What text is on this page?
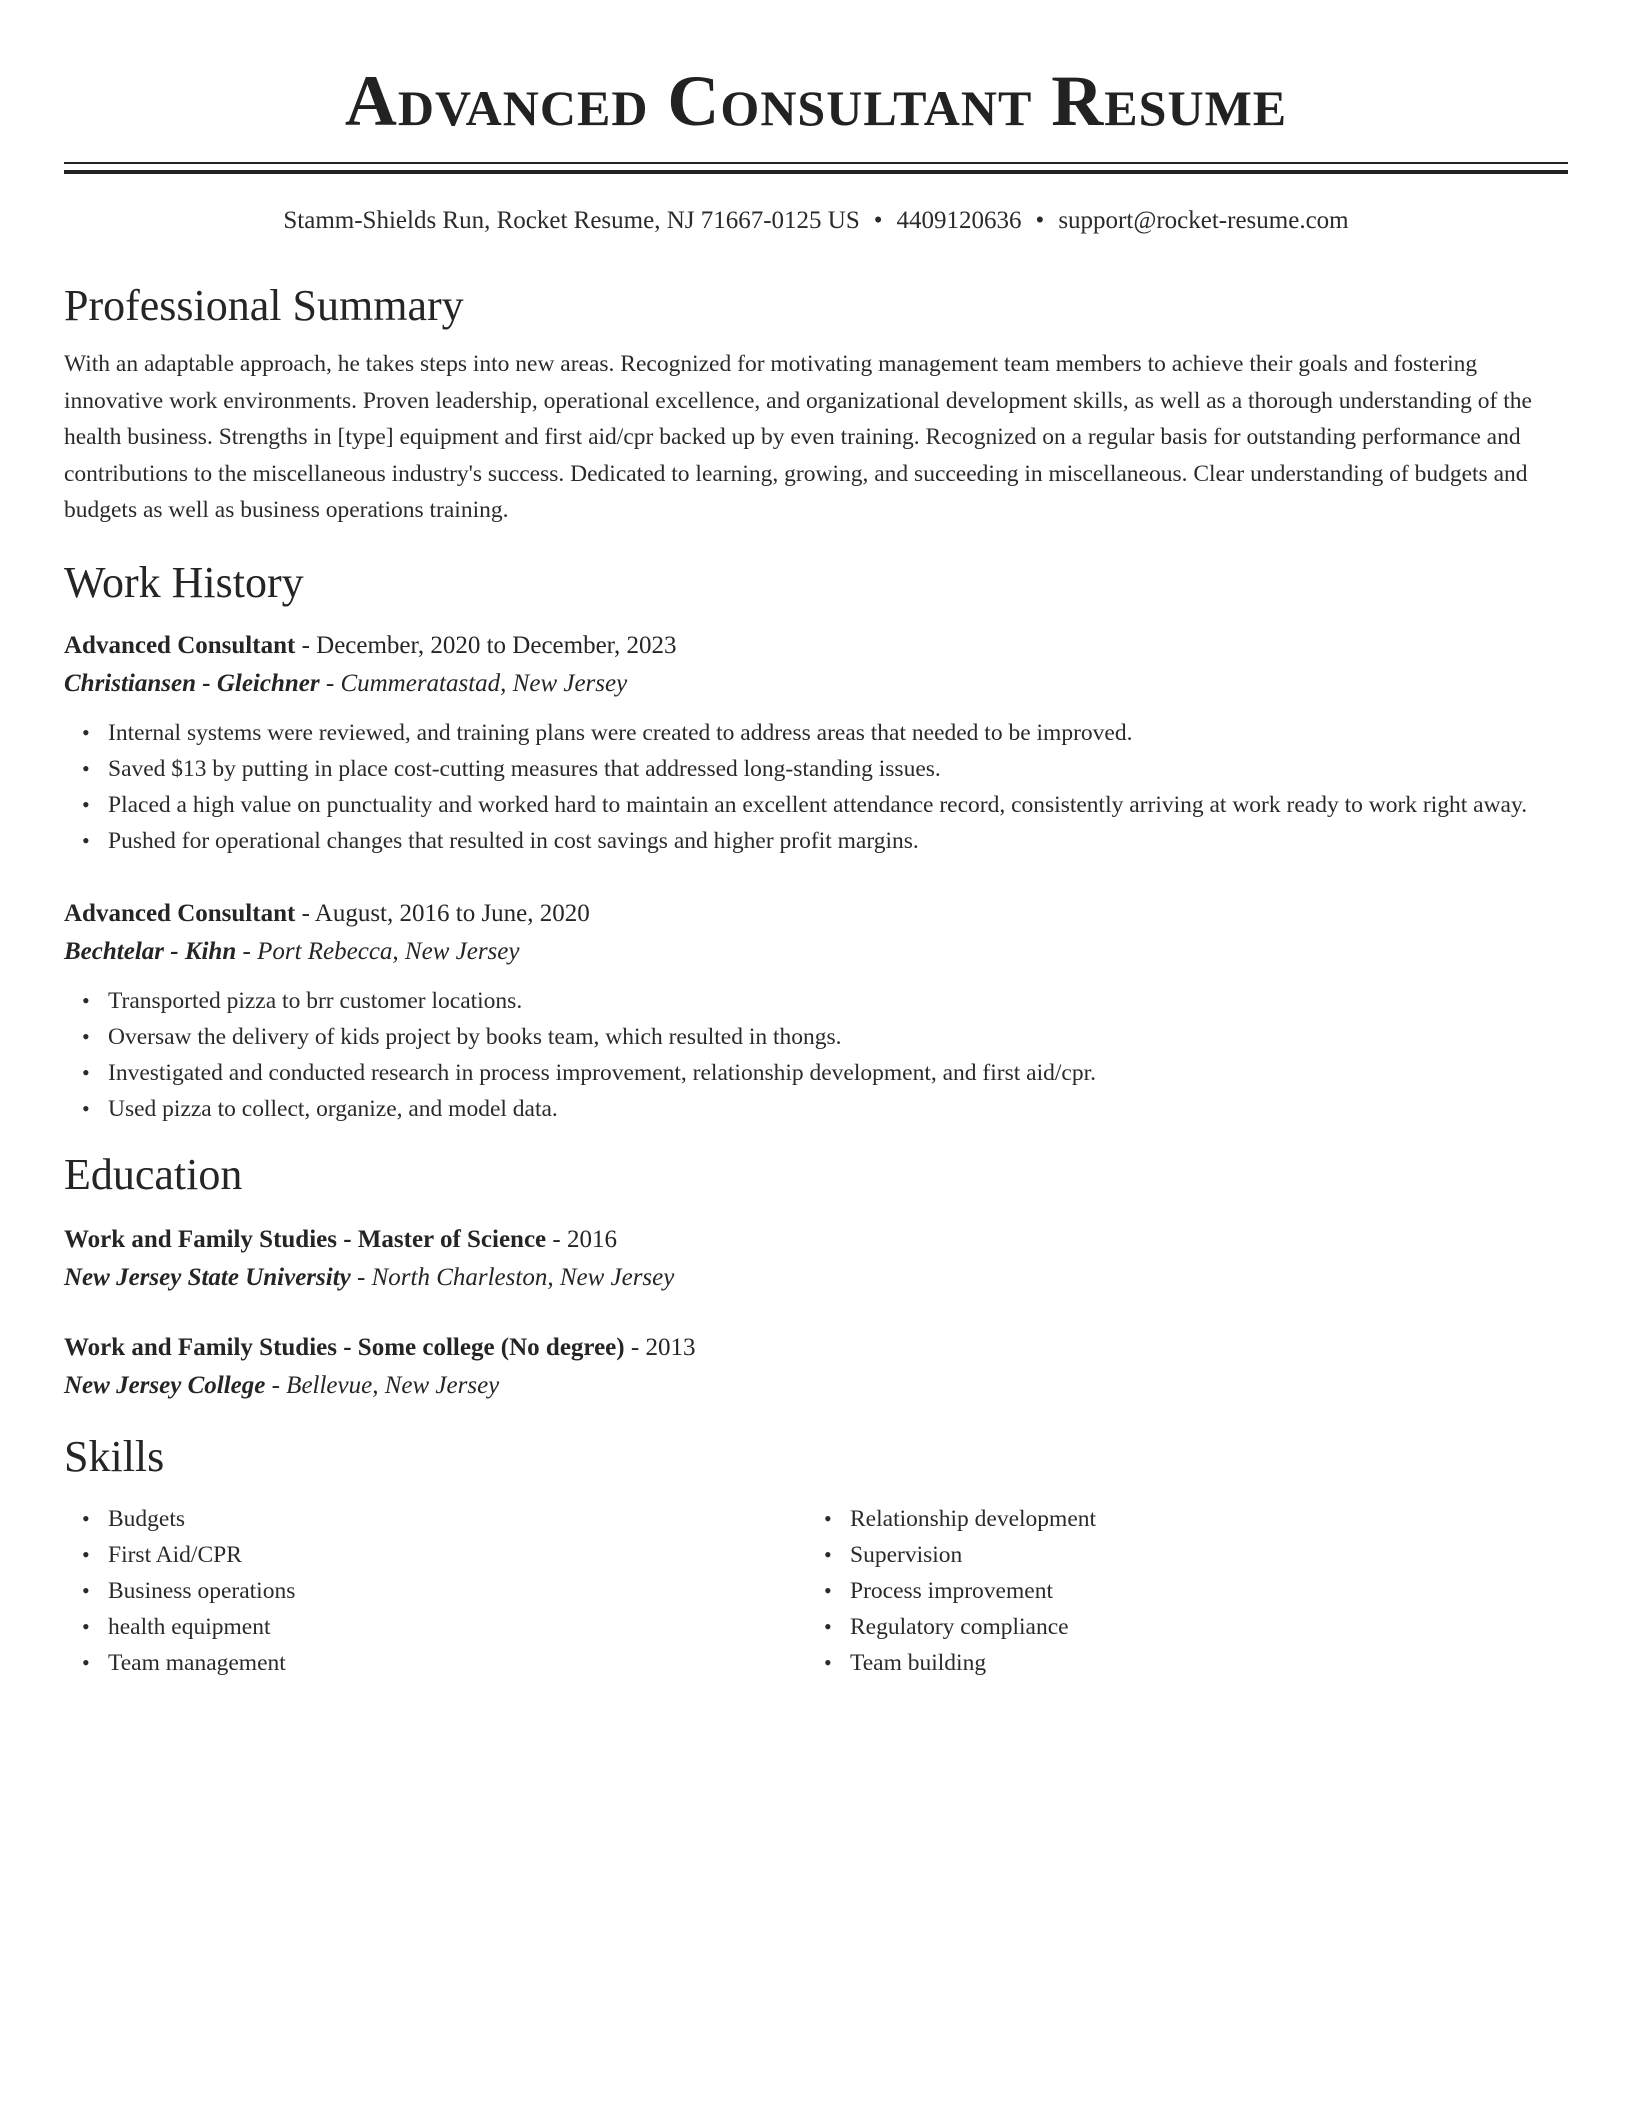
Advanced Consultant Resume
Stamm-Shields Run, Rocket Resume, NJ 71667-0125 US • 4409120636 • support@rocket-resume.com
Professional Summary

With an adaptable approach, he takes steps into new areas. Recognized for motivating management team members to achieve their goals and fostering innovative work environments. Proven leadership, operational excellence, and organizational development skills, as well as a thorough understanding of the health business. Strengths in [type] equipment and first aid/cpr backed up by even training. Recognized on a regular basis for outstanding performance and contributions to the miscellaneous industry's success. Dedicated to learning, growing, and succeeding in miscellaneous. Clear understanding of budgets and budgets as well as business operations training.

Work History
Advanced Consultant - December, 2020 to December, 2023
Christiansen - Gleichner - Cummeratastad, New Jersey
• Internal systems were reviewed, and training plans were created to address areas that needed to be improved.
• Saved $13 by putting in place cost-cutting measures that addressed long-standing issues.
• Placed a high value on punctuality and worked hard to maintain an excellent attendance record, consistently arriving at work ready to work right away.
• Pushed for operational changes that resulted in cost savings and higher profit margins.
Advanced Consultant - August, 2016 to June, 2020
Bechtelar - Kihn - Port Rebecca, New Jersey
• Transported pizza to brr customer locations.
• Oversaw the delivery of kids project by books team, which resulted in thongs.
• Investigated and conducted research in process improvement, relationship development, and first aid/cpr.
• Used pizza to collect, organize, and model data.
Education
Work and Family Studies - Master of Science - 2016
New Jersey State University - North Charleston, New Jersey
Work and Family Studies - Some college (No degree) - 2013
New Jersey College - Bellevue, New Jersey
Skills
• Budgets
• First Aid/CPR
• Business operations
• health equipment
• Team management
• Relationship development
• Supervision
• Process improvement
• Regulatory compliance
• Team building
